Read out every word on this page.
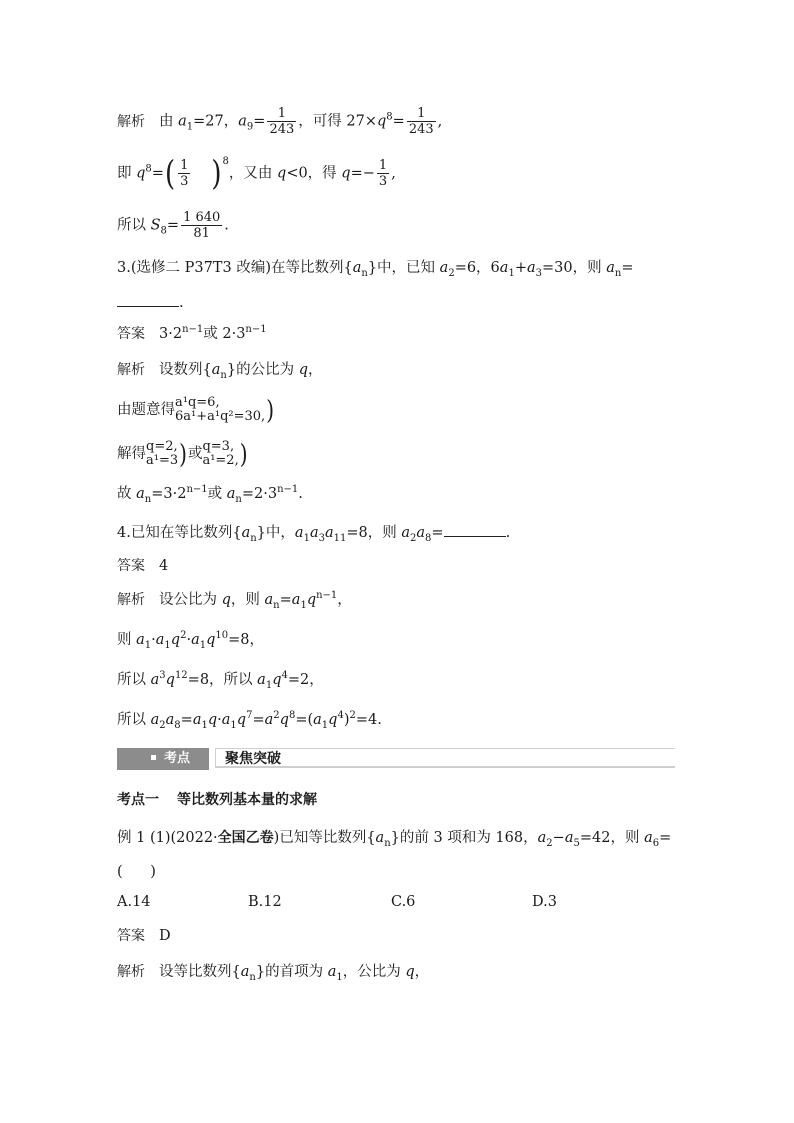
解析 由 $a_1=27$，$a_9= \frac{1}{243}$ ，可得 $27\times q^8= \frac{1}{243}$ ,
即 $q^8=( \frac{1}{3} )^8$，又由 q<0，得 $q=- \frac{1}{3}$ ,
所以 $S_8= \frac{1 640}{81}$ .
3.(选修二 P37T3 改编)在等比数列$\{a_n\}$中，已知 $a_2=6$，$6a_1+a_3=30$，则 $a_n=$
.
答案 $3\cdot 2^{n-1}$或 $2\cdot 3^{n-1}$
解析 设数列$\{a_n\}$的公比为 q，
由题意得 a¹q=6,
6a¹+a¹q²=30, )
解得 q=2,
a¹=3 )或 q=3,
a¹=2, )
故 $a_n=3\cdot 2^{n-1}$或 $a_n=2\cdot 3^{n-1}$.
4.已知在等比数列$\{a_n\}$中，$a_1a_3a_{11}=8$，则 $a_2a_8=$	.
答案 4
解析 设公比为 q，则 $a_n=a_1q^{n-1}$，
则 $a_1\cdot a_1q^2\cdot a_1q^{10}=8$，
所以 $a^3q^{12}=8$，所以 $a_1q^4=2$，
所以 $a_2a_8=a_1q\cdot a_1q^7=a^2q^8=(a_1q^4)^2=4$.
考点	聚焦突破
考点一 等比数列基本量的求解
例 1 (1)(2022·全国乙卷)已知等比数列$\{a_n\}$的前 3 项和为 168，$a_2-a_5=42$，则 $a_6=$
(      )
A.14	B.12	C.6	D.3
答案 D
解析 设等比数列$\{a_n\}$的首项为 $a_1$，公比为 q，
